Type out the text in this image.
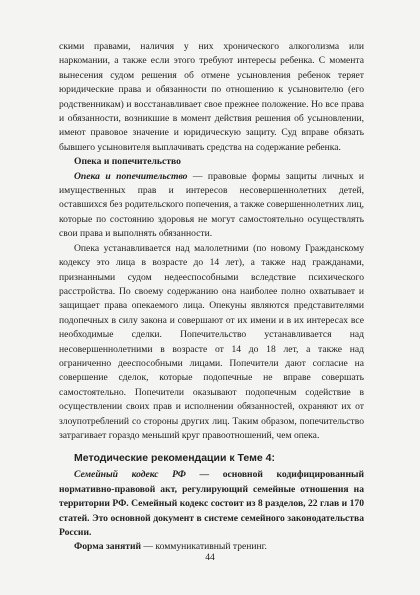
скими правами, наличия у них хронического алкоголизма или наркомании, а также если этого требуют интересы ребенка. С момента вынесения судом решения об отмене усыновления ребенок теряет юридические права и обязанности по отношению к усыновителю (его родственникам) и восстанавливает свое прежнее положение. Но все права и обязанности, возникшие в момент действия решения об усыновлении, имеют правовое значение и юридическую защиту. Суд вправе обязать бывшего усыновителя выплачивать средства на содержание ребенка.

Опека и попечительство

Опека и попечительство — правовые формы защиты личных и имущественных прав и интересов несовершеннолетних детей, оставшихся без родительского попечения, а также совершеннолетних лиц, которые по состоянию здоровья не могут самостоятельно осуществлять свои права и выполнять обязанности.

Опека устанавливается над малолетними (по новому Гражданскому кодексу это лица в возрасте до 14 лет), а также над гражданами, признанными судом недееспособными вследствие психического расстройства. По своему содержанию она наиболее полно охватывает и защищает права опекаемого лица. Опекуны являются представителями подопечных в силу закона и совершают от их имени и в их интересах все необходимые сделки. Попечительство устанавливается над несовершеннолетними в возрасте от 14 до 18 лет, а также над ограниченно дееспособными лицами. Попечители дают согласие на совершение сделок, которые подопечные не вправе совершать самостоятельно. Попечители оказывают подопечным содействие в осуществлении своих прав и исполнении обязанностей, охраняют их от злоупотреблений со стороны других лиц. Таким образом, попечительство затрагивает гораздо меньший круг правоотношений, чем опека.

Методические рекомендации к Теме 4:

Семейный кодекс РФ — основной кодифицированный нормативно-правовой акт, регулирующий семейные отношения на территории РФ. Семейный кодекс состоит из 8 разделов, 22 глав и 170 статей. Это основной документ в системе семейного законодательства России.

Форма занятий — коммуникативный тренинг.

44
